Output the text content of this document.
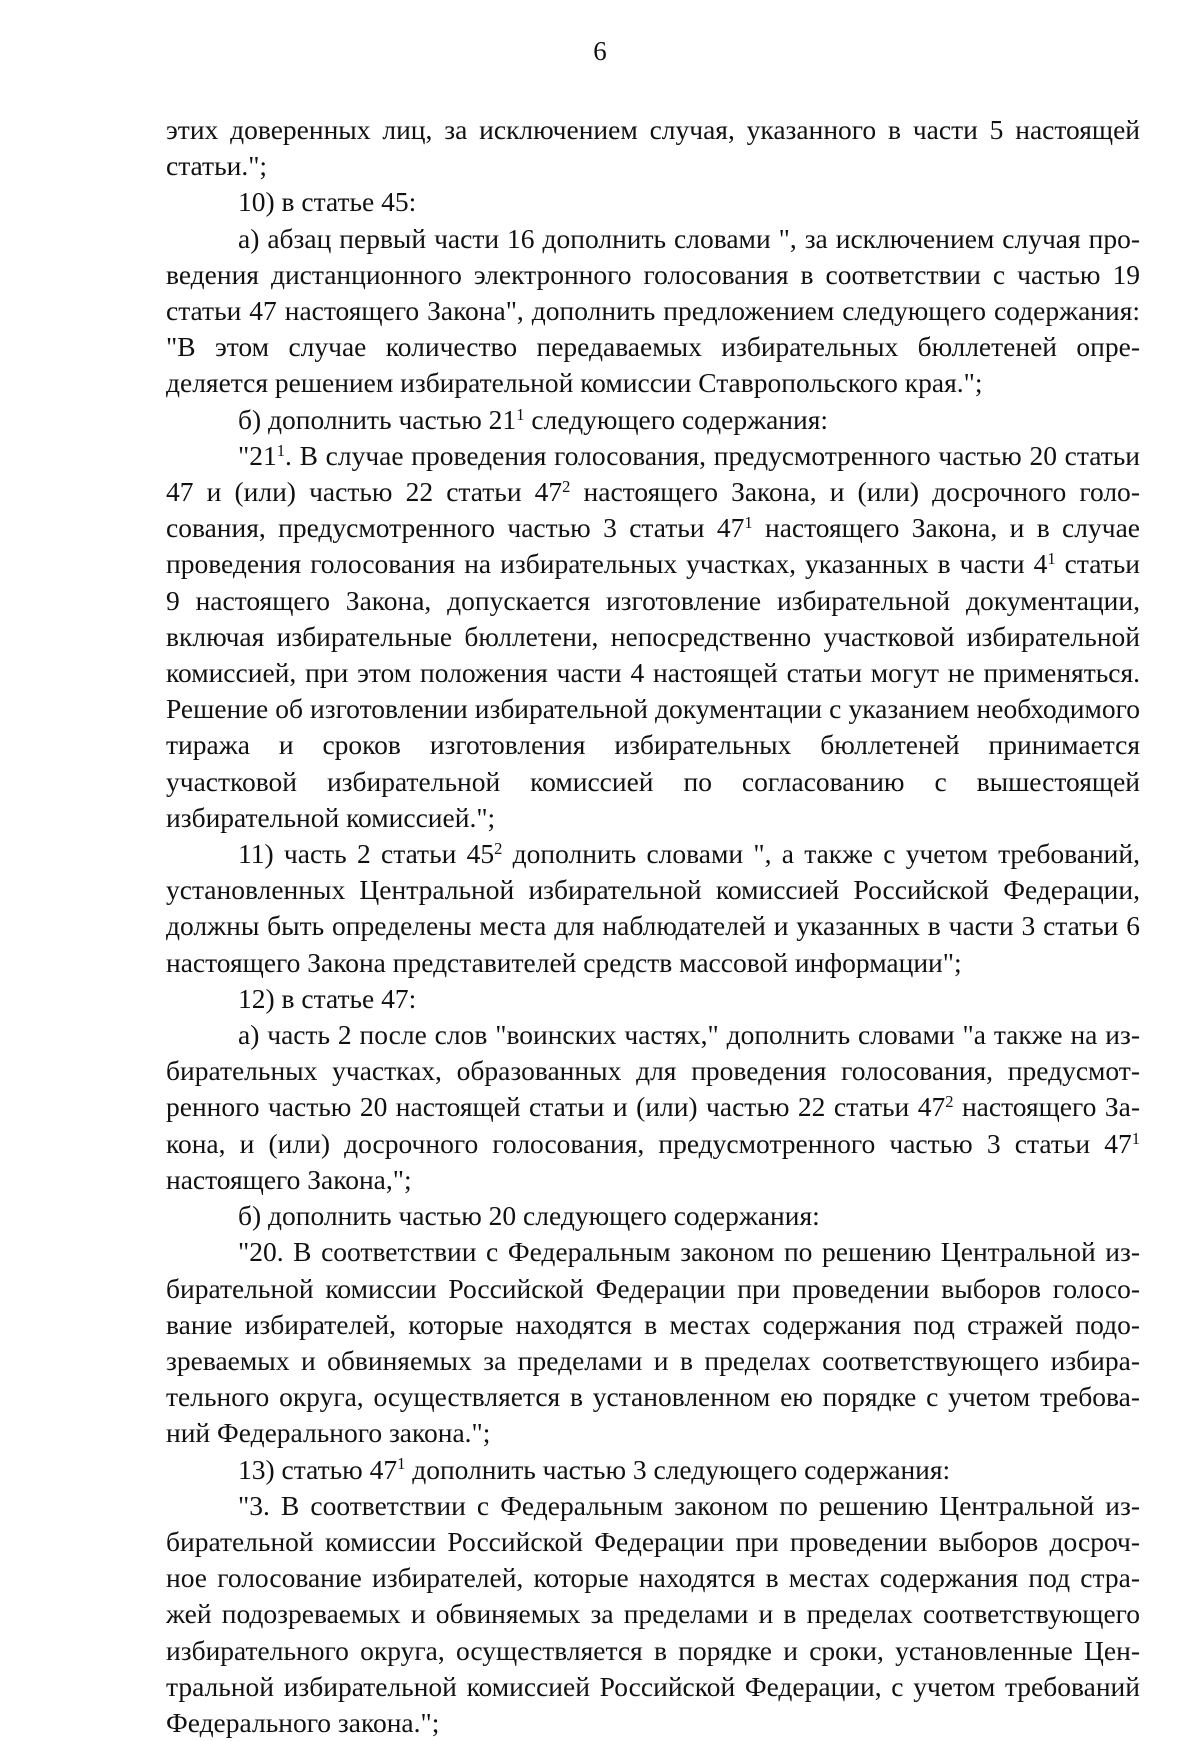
6

этих доверенных лиц, за исключением случая, указанного в части 5 настоящей статьи.";

10) в статье 45:

а) абзац первый части 16 дополнить словами ", за исключением случая проведения дистанционного электронного голосования в соответствии с частью 19 статьи 47 настоящего Закона", дополнить предложением следующего содержания: "В этом случае количество передаваемых избирательных бюллетеней определяется решением избирательной комиссии Ставропольского края.";

б) дополнить частью $21^1$ следующего содержания:

"$21^1$. В случае проведения голосования, предусмотренного частью 20 статьи 47 и (или) частью 22 статьи $47^2$ настоящего Закона, и (или) досрочного голосования, предусмотренного частью 3 статьи $47^1$ настоящего Закона, и в случае проведения голосования на избирательных участках, указанных в части $4^1$ статьи 9 настоящего Закона, допускается изготовление избирательной документации, включая избирательные бюллетени, непосредственно участковой избирательной комиссией, при этом положения части 4 настоящей статьи могут не применяться. Решение об изготовлении избирательной документации с указанием необходимого тиража и сроков изготовления избирательных бюллетеней принимается участковой избирательной комиссией по согласованию с вышестоящей избирательной комиссией.";

11) часть 2 статьи $45^2$ дополнить словами ", а также с учетом требований, установленных Центральной избирательной комиссией Российской Федерации, должны быть определены места для наблюдателей и указанных в части 3 статьи 6 настоящего Закона представителей средств массовой информации";

12) в статье 47:

а) часть 2 после слов "воинских частях," дополнить словами "а также на избирательных участках, образованных для проведения голосования, предусмотренного частью 20 настоящей статьи и (или) частью 22 статьи $47^2$ настоящего Закона, и (или) досрочного голосования, предусмотренного частью 3 статьи $47^1$ настоящего Закона,";

б) дополнить частью 20 следующего содержания:

"20. В соответствии с Федеральным законом по решению Центральной избирательной комиссии Российской Федерации при проведении выборов голосование избирателей, которые находятся в местах содержания под стражей подозреваемых и обвиняемых за пределами и в пределах соответствующего избирательного округа, осуществляется в установленном ею порядке с учетом требований Федерального закона.";

13) статью $47^1$ дополнить частью 3 следующего содержания:

"3. В соответствии с Федеральным законом по решению Центральной избирательной комиссии Российской Федерации при проведении выборов досрочное голосование избирателей, которые находятся в местах содержания под стражей подозреваемых и обвиняемых за пределами и в пределах соответствующего избирательного округа, осуществляется в порядке и сроки, установленные Центральной избирательной комиссией Российской Федерации, с учетом требований Федерального закона.";
